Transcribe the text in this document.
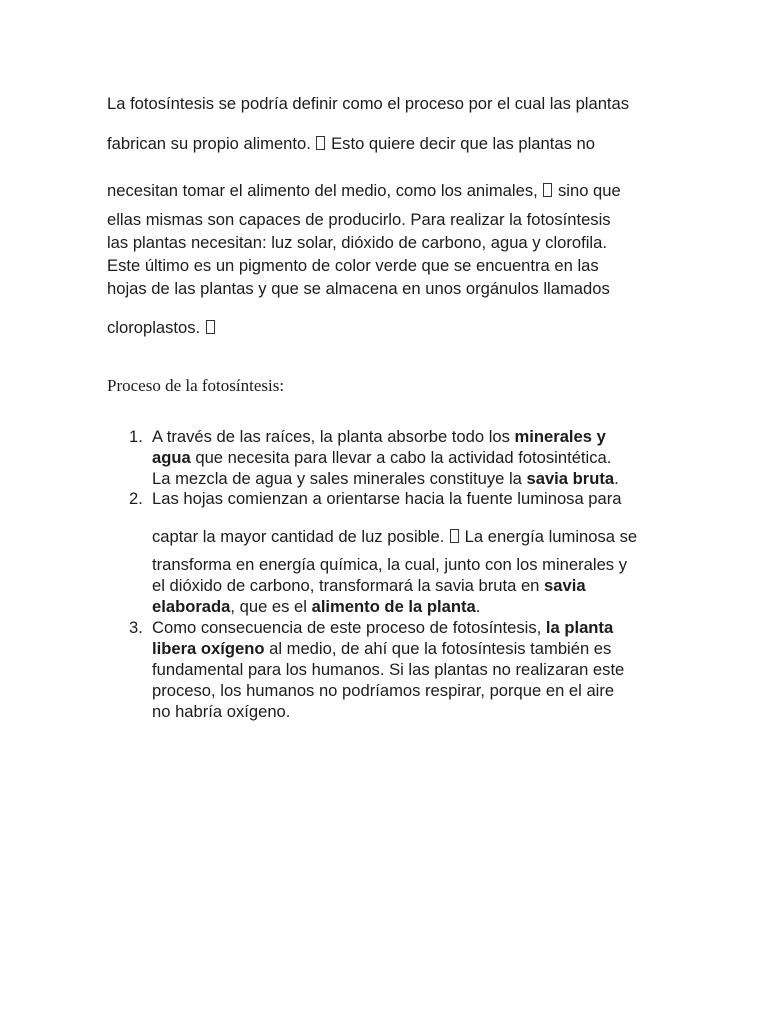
La fotosíntesis se podría definir como el proceso por el cual las plantas

fabrican su propio alimento. Esto quiere decir que las plantas no

necesitan tomar el alimento del medio, como los animales, sino que

ellas mismas son capaces de producirlo. Para realizar la fotosíntesis

las plantas necesitan: luz solar, dióxido de carbono, agua y clorofila.

Este último es un pigmento de color verde que se encuentra en las

hojas de las plantas y que se almacena en unos orgánulos llamados

cloroplastos.

Proceso de la fotosíntesis:

1. A través de las raíces, la planta absorbe todo los minerales y
agua que necesita para llevar a cabo la actividad fotosintética.
La mezcla de agua y sales minerales constituye la savia bruta.
2. Las hojas comienzan a orientarse hacia la fuente luminosa para
captar la mayor cantidad de luz posible. La energía luminosa se
transforma en energía química, la cual, junto con los minerales y
el dióxido de carbono, transformará la savia bruta en savia
elaborada, que es el alimento de la planta.
3. Como consecuencia de este proceso de fotosíntesis, la planta
libera oxígeno al medio, de ahí que la fotosíntesis también es
fundamental para los humanos. Si las plantas no realizaran este
proceso, los humanos no podríamos respirar, porque en el aire
no habría oxígeno.
